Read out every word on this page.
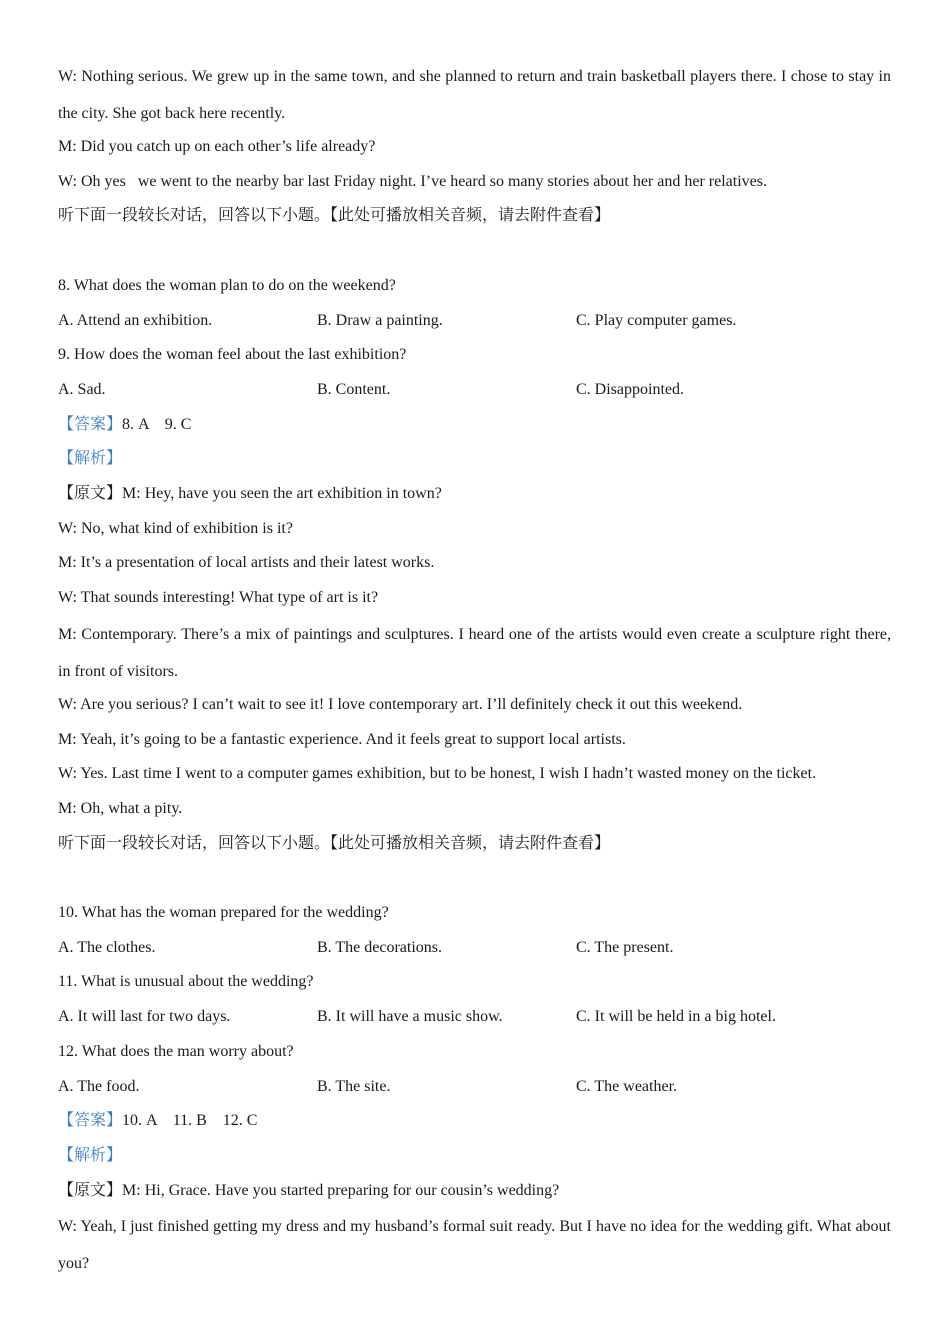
W: Nothing serious. We grew up in the same town, and she planned to return and train basketball players there. I chose to stay in the city. She got back here recently.

M: Did you catch up on each other’s life already?

W: Oh yes   we went to the nearby bar last Friday night. I’ve heard so many stories about her and her relatives.

听下面一段较长对话，回答以下小题。【此处可播放相关音频，请去附件查看】

8. What does the woman plan to do on the weekend?

A. Attend an exhibition.	B. Draw a painting.	C. Play computer games.

9. How does the woman feel about the last exhibition?

A. Sad.	B. Content.	C. Disappointed.

【答案】8. A    9. C

【解析】

【原文】M: Hey, have you seen the art exhibition in town?

W: No, what kind of exhibition is it?

M: It’s a presentation of local artists and their latest works.

W: That sounds interesting! What type of art is it?

M: Contemporary. There’s a mix of paintings and sculptures. I heard one of the artists would even create a sculpture right there, in front of visitors.

W: Are you serious? I can’t wait to see it! I love contemporary art. I’ll definitely check it out this weekend.

M: Yeah, it’s going to be a fantastic experience. And it feels great to support local artists.

W: Yes. Last time I went to a computer games exhibition, but to be honest, I wish I hadn’t wasted money on the ticket.

M: Oh, what a pity.

听下面一段较长对话，回答以下小题。【此处可播放相关音频，请去附件查看】

10. What has the woman prepared for the wedding?

A. The clothes.	B. The decorations.	C. The present.

11. What is unusual about the wedding?

A. It will last for two days.	B. It will have a music show.	C. It will be held in a big hotel.

12. What does the man worry about?

A. The food.	B. The site.	C. The weather.

【答案】10. A    11. B    12. C

【解析】

【原文】M: Hi, Grace. Have you started preparing for our cousin’s wedding?

W: Yeah, I just finished getting my dress and my husband’s formal suit ready. But I have no idea for the wedding gift. What about you?
